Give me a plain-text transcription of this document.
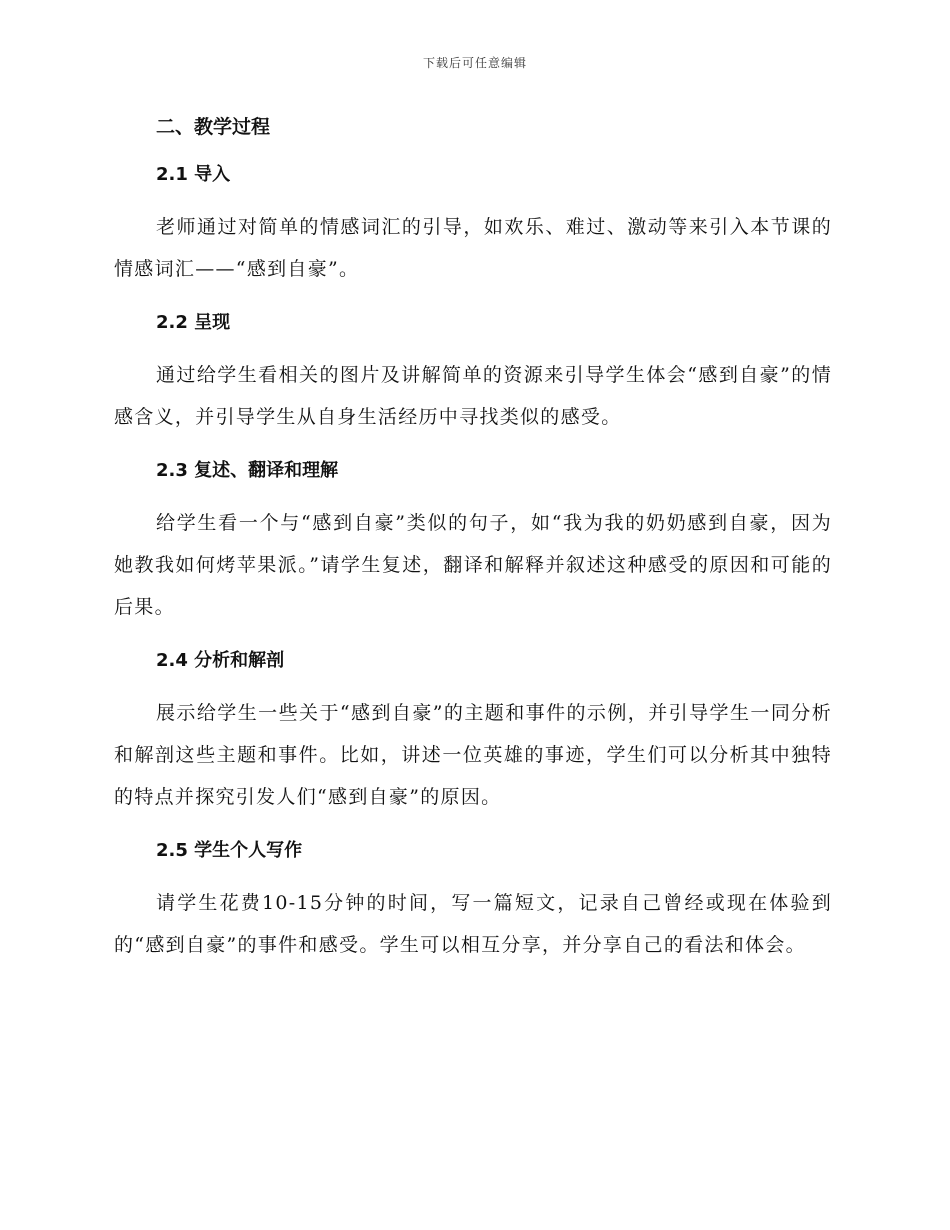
下载后可任意编辑
二、教学过程
2.1 导入

老师通过对简单的情感词汇的引导，如欢乐、难过、激动等来引入本节课的情感词汇——“感到自豪”。

2.2 呈现

通过给学生看相关的图片及讲解简单的资源来引导学生体会“感到自豪”的情感含义，并引导学生从自身生活经历中寻找类似的感受。

2.3 复述、翻译和理解

给学生看一个与“感到自豪”类似的句子，如“我为我的奶奶感到自豪，因为她教我如何烤苹果派。”请学生复述，翻译和解释并叙述这种感受的原因和可能的后果。

2.4 分析和解剖

展示给学生一些关于“感到自豪”的主题和事件的示例，并引导学生一同分析和解剖这些主题和事件。比如，讲述一位英雄的事迹，学生们可以分析其中独特的特点并探究引发人们“感到自豪”的原因。

2.5 学生个人写作

请学生花费10-15分钟的时间，写一篇短文，记录自己曾经或现在体验到的“感到自豪”的事件和感受。学生可以相互分享，并分享自己的看法和体会。
